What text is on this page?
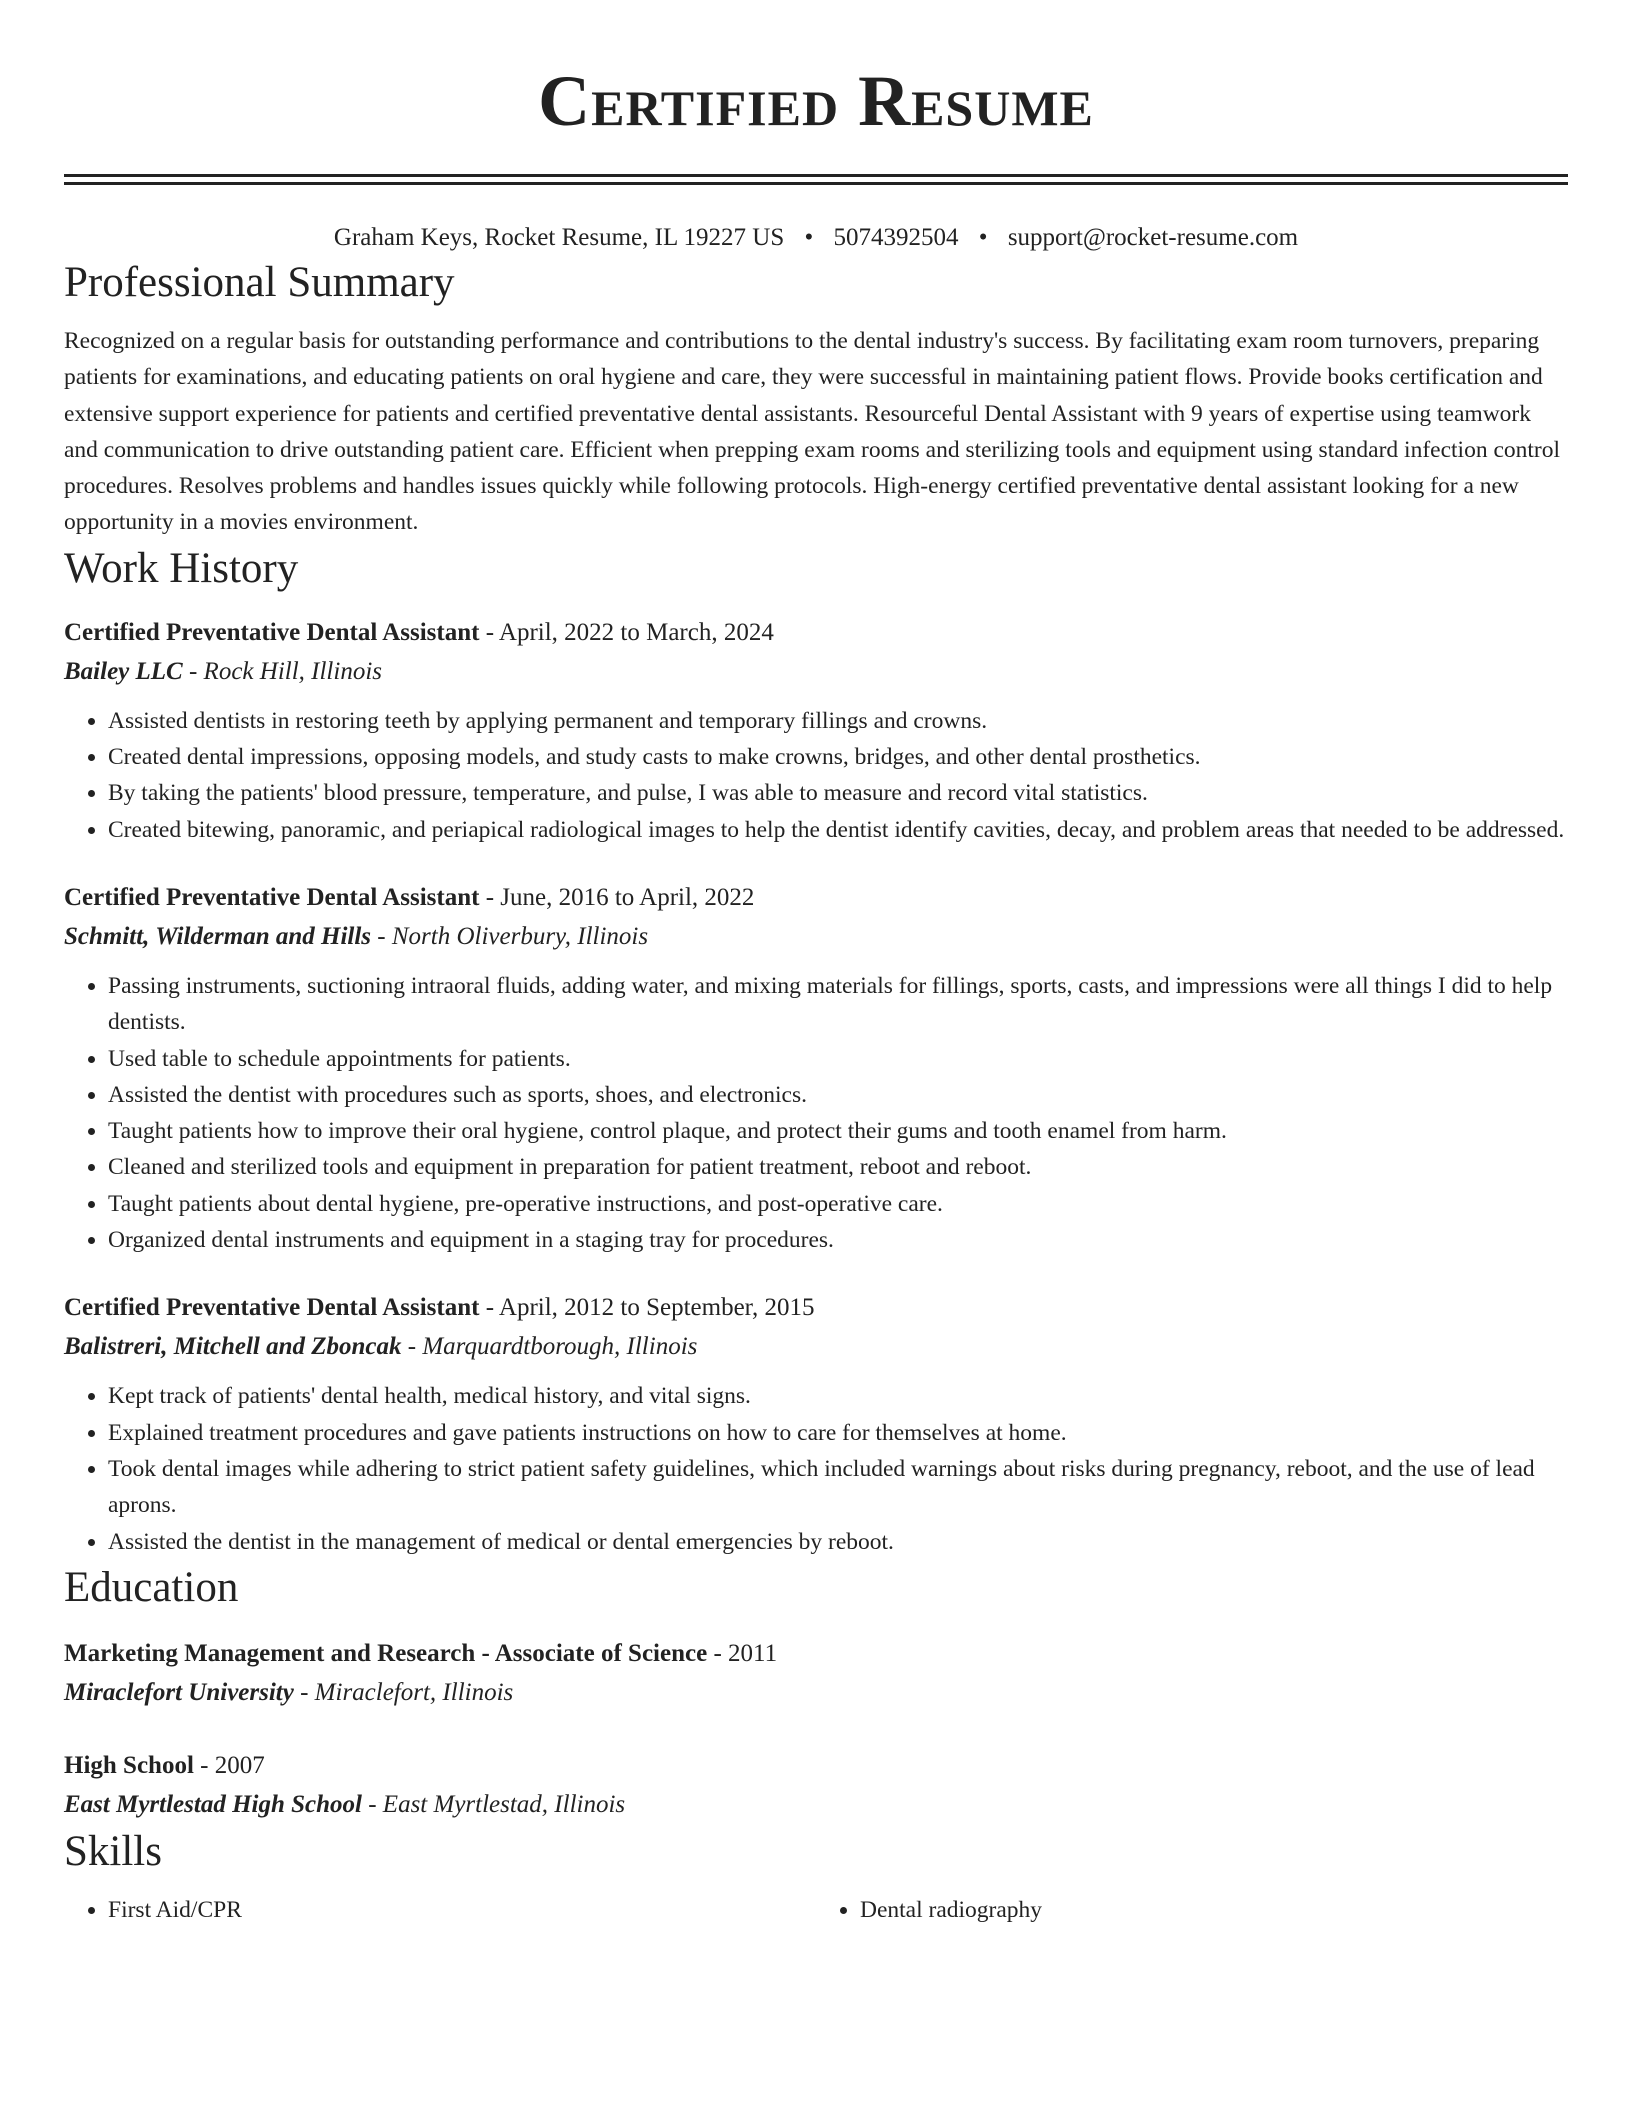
Certified Resume
Graham Keys, Rocket Resume, IL 19227 US • 5074392504 • support@rocket-resume.com
Professional Summary
Recognized on a regular basis for outstanding performance and contributions to the dental industry's success. By facilitating exam room turnovers, preparing patients for examinations, and educating patients on oral hygiene and care, they were successful in maintaining patient flows. Provide books certification and extensive support experience for patients and certified preventative dental assistants. Resourceful Dental Assistant with 9 years of expertise using teamwork and communication to drive outstanding patient care. Efficient when prepping exam rooms and sterilizing tools and equipment using standard infection control procedures. Resolves problems and handles issues quickly while following protocols. High-energy certified preventative dental assistant looking for a new opportunity in a movies environment.
Work History
Certified Preventative Dental Assistant - April, 2022 to March, 2024
Bailey LLC - Rock Hill, Illinois
• Assisted dentists in restoring teeth by applying permanent and temporary fillings and crowns.
• Created dental impressions, opposing models, and study casts to make crowns, bridges, and other dental prosthetics.
• By taking the patients' blood pressure, temperature, and pulse, I was able to measure and record vital statistics.
• Created bitewing, panoramic, and periapical radiological images to help the dentist identify cavities, decay, and problem areas that needed to be addressed.
Certified Preventative Dental Assistant - June, 2016 to April, 2022
Schmitt, Wilderman and Hills - North Oliverbury, Illinois
• Passing instruments, suctioning intraoral fluids, adding water, and mixing materials for fillings, sports, casts, and impressions were all things I did to help dentists.
• Used table to schedule appointments for patients.
• Assisted the dentist with procedures such as sports, shoes, and electronics.
• Taught patients how to improve their oral hygiene, control plaque, and protect their gums and tooth enamel from harm.
• Cleaned and sterilized tools and equipment in preparation for patient treatment, reboot and reboot.
• Taught patients about dental hygiene, pre-operative instructions, and post-operative care.
• Organized dental instruments and equipment in a staging tray for procedures.
Certified Preventative Dental Assistant - April, 2012 to September, 2015
Balistreri, Mitchell and Zboncak - Marquardtborough, Illinois
• Kept track of patients' dental health, medical history, and vital signs.
• Explained treatment procedures and gave patients instructions on how to care for themselves at home.
• Took dental images while adhering to strict patient safety guidelines, which included warnings about risks during pregnancy, reboot, and the use of lead aprons.
• Assisted the dentist in the management of medical or dental emergencies by reboot.
Education
Marketing Management and Research - Associate of Science - 2011
Miraclefort University - Miraclefort, Illinois
High School - 2007
East Myrtlestad High School - East Myrtlestad, Illinois
Skills
• First Aid/CPR
•	Dental radiography
